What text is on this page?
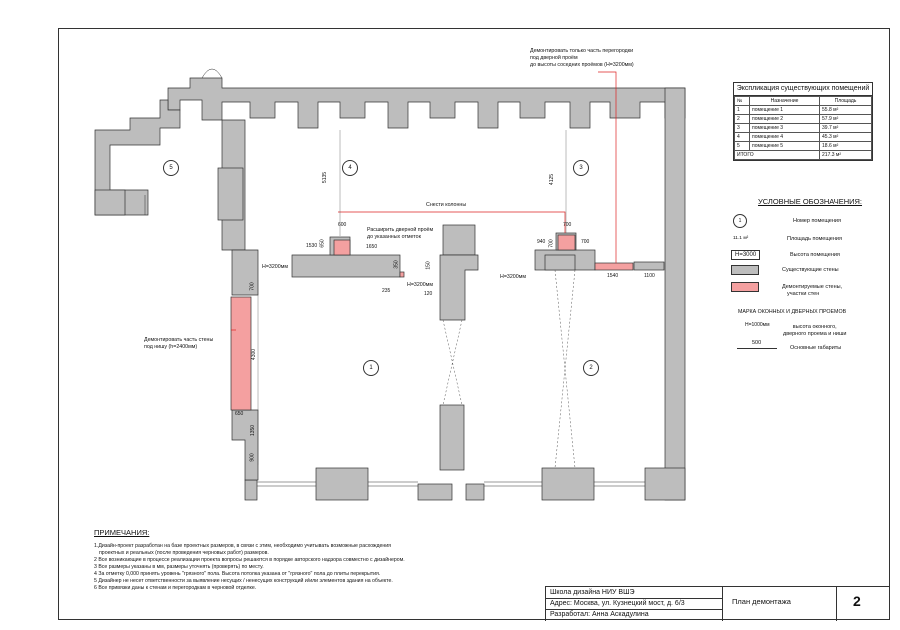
5	4	3
1	2
5135	4125
600
650
1530	1650
350	150
235	120
700
940 700	700
1540	1100
700
4300
650
1350
900
Демонтировать только часть перегородки
под дверной проём
до высоты соседних проёмов (Н=3200мм)
Снести колонны
Расширить дверной проём
до указанных отметок
Демонтировать часть стены
под нишу (h=2400мм)
Н=3200мм
Н=3200мм
Н=3200мм
Экспликация существующих помещений
№	Назначение	Площадь
1	помещение 1	55.8 м²
2	помещение 2	57.9 м²
3	помещение 3	39.7 м²
4	помещение 4	45.3 м²
5	помещение 5	18.6 м²
ИТОГО		217.3 м²
УСЛОВНЫЕ ОБОЗНАЧЕНИЯ:
1	Номер помещения
11.1 м²	Площадь помещения
Н=3000	Высота помещения
Существующие стены
Демонтируемые стены,
участки стен
МАРКА ОКОННЫХ И ДВЕРНЫХ ПРОЕМОВ
Н=1000мм	высота оконного,
дверного проема и ниши
500
Основные габариты
ПРИМЕЧАНИЯ:
1.Дизайн-проект разработан на базе проектных размеров, в связи с этим, необходимо учитывать возможные расхождения
проектных и реальных (после проведения черновых работ) размеров.
2 Все возникающие в процессе реализации проекта вопросы решаются в порядке авторского надзора совместно с дизайнером.
3 Все размеры указаны в мм, размеры уточнять (проверять) по месту.
4 За отметку 0,000 принять уровень "грязного" пола. Высота потолка указана от "грязного" пола до плиты перекрытия.
5 Дизайнер не несет ответственности за выявление несущих / ненесущих конструкций и/или элементов здания на объекте.
6 Все привязки даны к стенам и перегородкам в черновой отделке.
Школа дизайна НИУ ВШЭ
Адрес: Москва, ул. Кузнецкий мост, д. 6/3
Разработал: Анна Аскадулина
План демонтажа	2
